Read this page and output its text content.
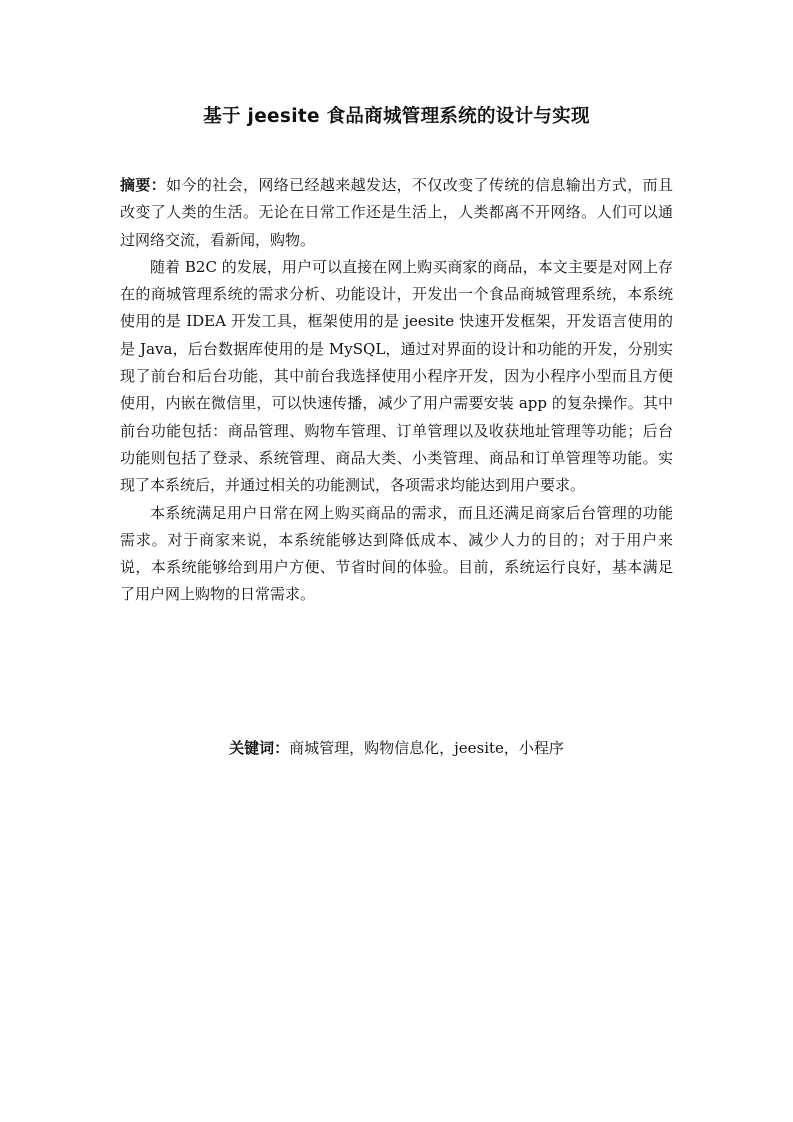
基于 jeesite 食品商城管理系统的设计与实现

摘要：如今的社会，网络已经越来越发达，不仅改变了传统的信息输出方式，而且改变了人类的生活。无论在日常工作还是生活上，人类都离不开网络。人们可以通过网络交流，看新闻，购物。

随着 B2C 的发展，用户可以直接在网上购买商家的商品，本文主要是对网上存在的商城管理系统的需求分析、功能设计，开发出一个食品商城管理系统，本系统使用的是 IDEA 开发工具，框架使用的是 jeesite 快速开发框架，开发语言使用的是 Java，后台数据库使用的是 MySQL，通过对界面的设计和功能的开发，分别实现了前台和后台功能，其中前台我选择使用小程序开发，因为小程序小型而且方便使用，内嵌在微信里，可以快速传播，减少了用户需要安装 app 的复杂操作。其中前台功能包括：商品管理、购物车管理、订单管理以及收获地址管理等功能；后台功能则包括了登录、系统管理、商品大类、小类管理、商品和订单管理等功能。实现了本系统后，并通过相关的功能测试，各项需求均能达到用户要求。

本系统满足用户日常在网上购买商品的需求，而且还满足商家后台管理的功能需求。对于商家来说，本系统能够达到降低成本、减少人力的目的；对于用户来说，本系统能够给到用户方便、节省时间的体验。目前，系统运行良好，基本满足了用户网上购物的日常需求。

关键词：商城管理，购物信息化，jeesite，小程序
